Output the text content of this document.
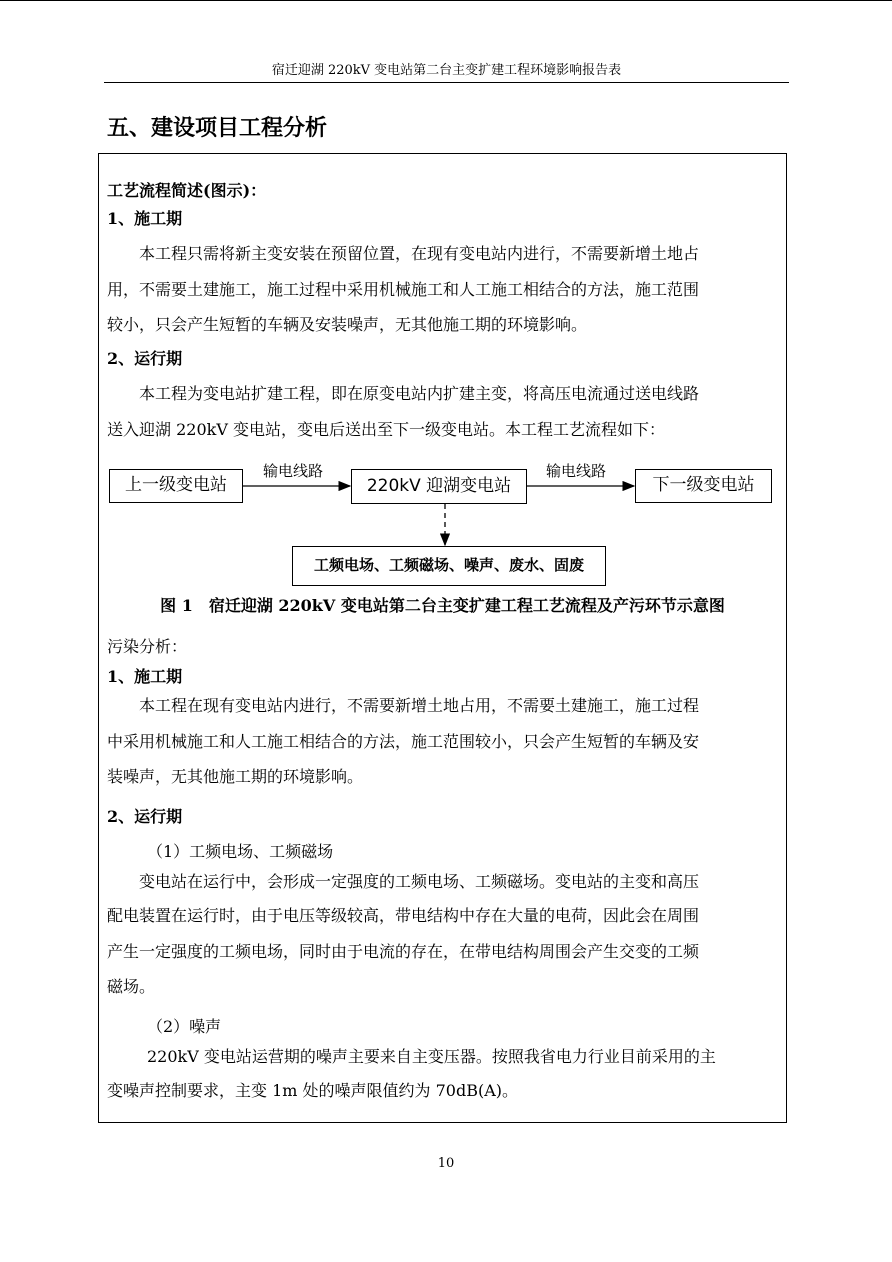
宿迁迎湖 220kV 变电站第二台主变扩建工程环境影响报告表
五、建设项目工程分析
工艺流程简述(图示)：
1、施工期
本工程只需将新主变安装在预留位置，在现有变电站内进行，不需要新增土地占
用，不需要土建施工，施工过程中采用机械施工和人工施工相结合的方法，施工范围
较小，只会产生短暂的车辆及安装噪声，无其他施工期的环境影响。
2、运行期
本工程为变电站扩建工程，即在原变电站内扩建主变，将高压电流通过送电线路
送入迎湖 220kV 变电站，变电后送出至下一级变电站。本工程工艺流程如下：
上一级变电站	220kV 迎湖变电站	下一级变电站
输电线路	输电线路
工频电场、工频磁场、噪声、废水、固废
图 1　宿迁迎湖 220kV 变电站第二台主变扩建工程工艺流程及产污环节示意图
污染分析：
1、施工期
本工程在现有变电站内进行，不需要新增土地占用，不需要土建施工，施工过程
中采用机械施工和人工施工相结合的方法，施工范围较小，只会产生短暂的车辆及安
装噪声，无其他施工期的环境影响。
2、运行期
（1）工频电场、工频磁场
变电站在运行中，会形成一定强度的工频电场、工频磁场。变电站的主变和高压
配电装置在运行时，由于电压等级较高，带电结构中存在大量的电荷，因此会在周围
产生一定强度的工频电场，同时由于电流的存在，在带电结构周围会产生交变的工频
磁场。
（2）噪声
220kV 变电站运营期的噪声主要来自主变压器。按照我省电力行业目前采用的主
变噪声控制要求，主变 1m 处的噪声限值约为 70dB(A)。
10
